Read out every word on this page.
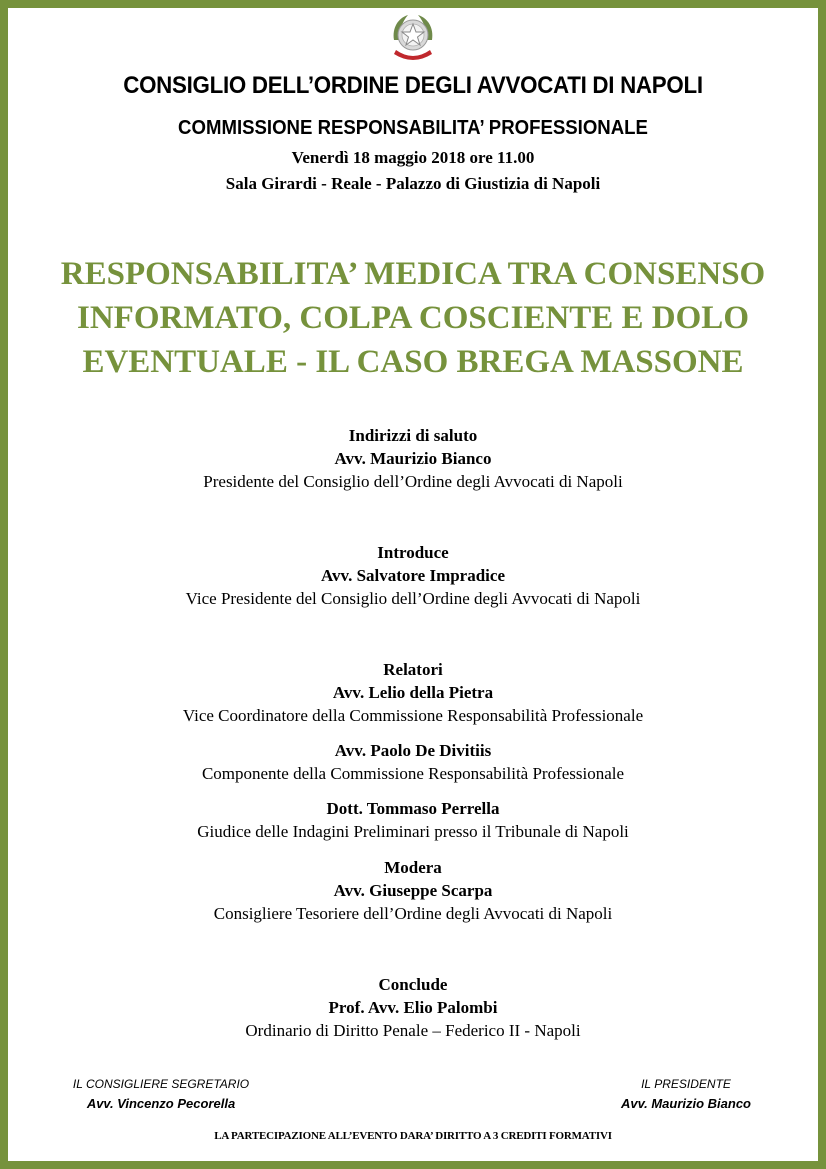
CONSIGLIO DELL’ORDINE DEGLI AVVOCATI DI NAPOLI
COMMISSIONE RESPONSABILITA’ PROFESSIONALE
Venerdì 18 maggio 2018 ore 11.00
Sala Girardi - Reale - Palazzo di Giustizia di Napoli
RESPONSABILITA’ MEDICA TRA CONSENSO
INFORMATO, COLPA COSCIENTE E DOLO
EVENTUALE - IL CASO BREGA MASSONE
Indirizzi di saluto
Avv. Maurizio Bianco
Presidente del Consiglio dell’Ordine degli Avvocati di Napoli
Introduce
Avv. Salvatore Impradice
Vice Presidente del Consiglio dell’Ordine degli Avvocati di Napoli
Relatori
Avv. Lelio della Pietra
Vice Coordinatore della Commissione Responsabilità Professionale
Avv. Paolo De Divitiis
Componente della Commissione Responsabilità Professionale
Dott. Tommaso Perrella
Giudice delle Indagini Preliminari presso il Tribunale di Napoli
Modera
Avv. Giuseppe Scarpa
Consigliere Tesoriere dell’Ordine degli Avvocati di Napoli
Conclude
Prof. Avv. Elio Palombi
Ordinario di Diritto Penale – Federico II - Napoli
IL CONSIGLIERE SEGRETARIO
Avv. Vincenzo Pecorella
IL PRESIDENTE
Avv. Maurizio Bianco
LA PARTECIPAZIONE ALL’EVENTO DARA’ DIRITTO A 3 CREDITI FORMATIVI
